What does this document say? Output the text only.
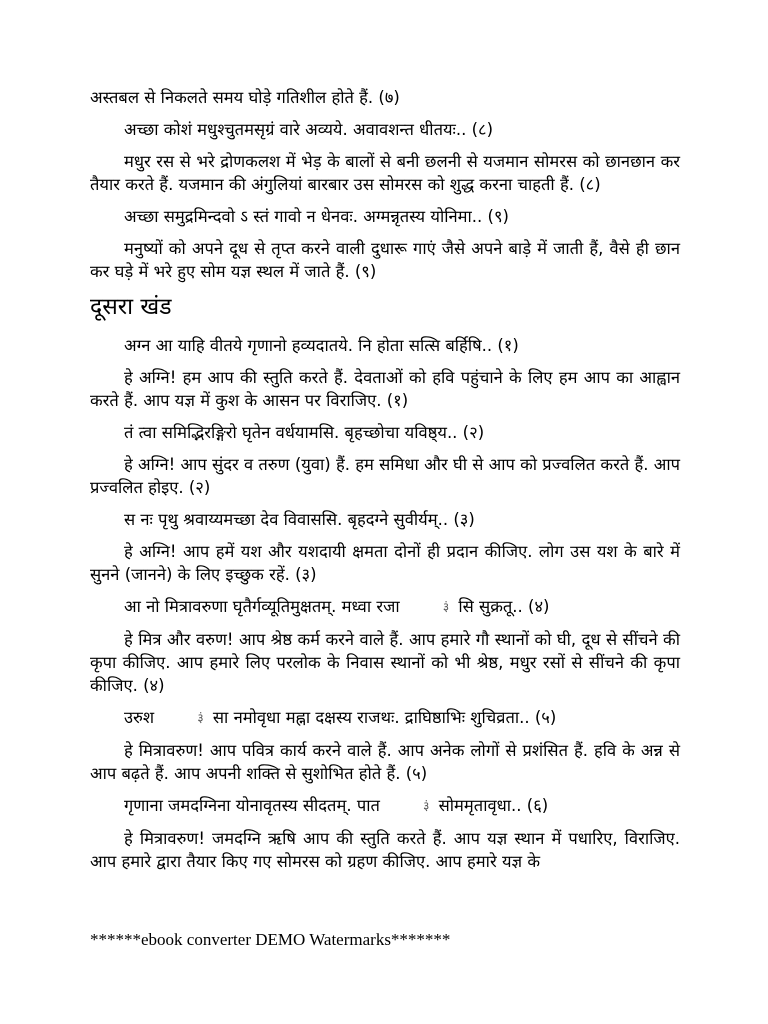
अस्तबल से निकलते समय घोड़े गतिशील होते हैं. (७)

अच्छा कोशं मधुश्चुतमसृग्रं वारे अव्यये. अवावशन्त धीतयः.. (८)

मधुर रस से भरे द्रोणकलश में भेड़ के बालों से बनी छलनी से यजमान सोमरस को छानछान कर तैयार करते हैं. यजमान की अंगुलियां बारबार उस सोमरस को शुद्ध करना चाहती हैं. (८)

अच्छा समुद्रमिन्दवो ऽ स्तं गावो न धेनवः. अग्मन्नृतस्य योनिमा.. (९)

मनुष्यों को अपने दूध से तृप्त करने वाली दुधारू गाएं जैसे अपने बाड़े में जाती हैं, वैसे ही छान कर घड़े में भरे हुए सोम यज्ञ स्थल में जाते हैं. (९)

दूसरा खंड

अग्न आ याहि वीतये गृणानो हव्यदातये. नि होता सत्सि बर्हिषि.. (१)

हे अग्नि! हम आप की स्तुति करते हैं. देवताओं को हवि पहुंचाने के लिए हम आप का आह्वान करते हैं. आप यज्ञ में कुश के आसन पर विराजिए. (१)

तं त्वा समिद्भिरङ्गिरो घृतेन वर्धयामसि. बृहच्छोचा यविष्ठ्य.. (२)

हे अग्नि! आप सुंदर व तरुण (युवा) हैं. हम समिधा और घी से आप को प्रज्वलित करते हैं. आप प्रज्वलित होइए. (२)

स नः पृथु श्रवाय्यमच्छा देव विवाससि. बृहदग्ने सुवीर्यम्.. (३)

हे अग्नि! आप हमें यश और यशदायी क्षमता दोनों ही प्रदान कीजिए. लोग उस यश के बारे में सुनने (जानने) के लिए इच्छुक रहें. (३)

आ नो मित्रावरुणा घृतैर्गव्यूतिमुक्षतम्. मध्वा रजा	३ं सि सुक्रतू.. (४)

हे मित्र और वरुण! आप श्रेष्ठ कर्म करने वाले हैं. आप हमारे गौ स्थानों को घी, दूध से सींचने की कृपा कीजिए. आप हमारे लिए परलोक के निवास स्थानों को भी श्रेष्ठ, मधुर रसों से सींचने की कृपा कीजिए. (४)

उरुश	३ं सा नमोवृधा मह्ना दक्षस्य राजथः. द्राघिष्ठाभिः शुचिव्रता.. (५)

हे मित्रावरुण! आप पवित्र कार्य करने वाले हैं. आप अनेक लोगों से प्रशंसित हैं. हवि के अन्न से आप बढ़ते हैं. आप अपनी शक्ति से सुशोभित होते हैं. (५)

गृणाना जमदग्निना योनावृतस्य सीदतम्. पात	३ं सोममृतावृधा.. (६)

हे मित्रावरुण! जमदग्नि ऋषि आप की स्तुति करते हैं. आप यज्ञ स्थान में पधारिए, विराजिए. आप हमारे द्वारा तैयार किए गए सोमरस को ग्रहण कीजिए. आप हमारे यज्ञ के

******ebook converter DEMO Watermarks*******
